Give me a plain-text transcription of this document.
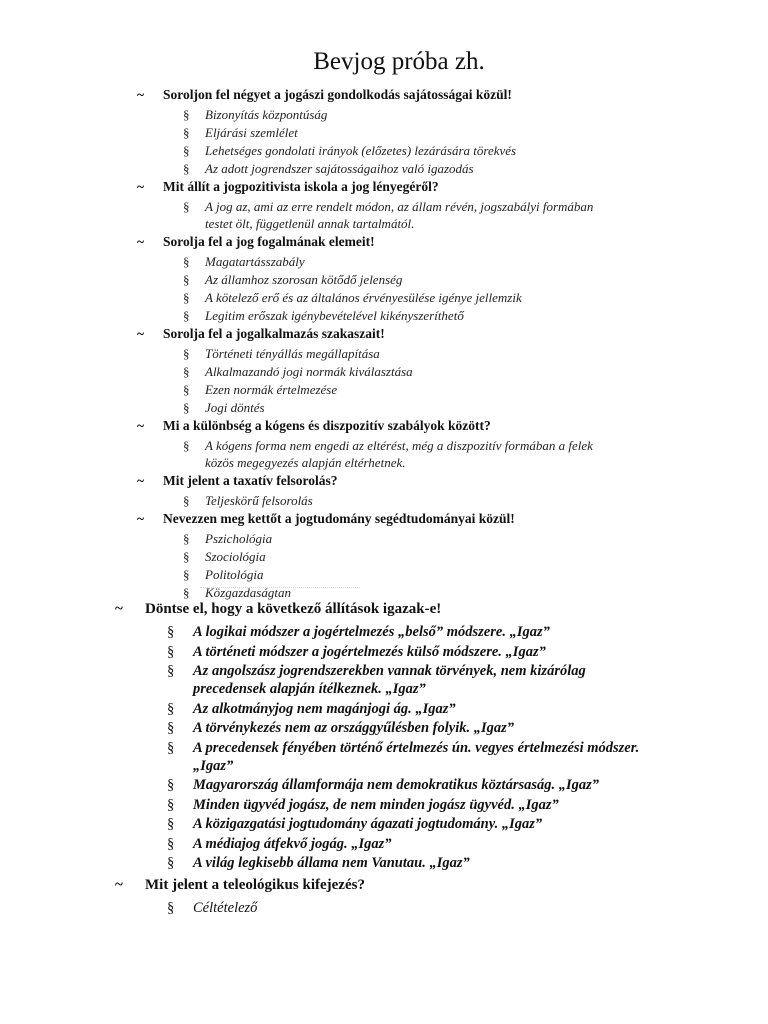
Bevjog próba zh.
~ Soroljon fel négyet a jogászi gondolkodás sajátosságai közül!
§ Bizonyítás központúság
§ Eljárási szemlélet
§ Lehetséges gondolati irányok (előzetes) lezárására törekvés
§ Az adott jogrendszer sajátosságaihoz való igazodás
~ Mit állít a jogpozitivista iskola a jog lényegéről?
§ A jog az, ami az erre rendelt módon, az állam révén, jogszabályi formában
testet ölt, függetlenül annak tartalmától.
~ Sorolja fel a jog fogalmának elemeit!
§ Magatartásszabály
§ Az államhoz szorosan kötődő jelenség
§ A kötelező erő és az általános érvényesülése igénye jellemzik
§ Legitim erőszak igénybevételével kikényszeríthető
~ Sorolja fel a jogalkalmazás szakaszait!
§ Történeti tényállás megállapítása
§ Alkalmazandó jogi normák kiválasztása
§ Ezen normák értelmezése
§ Jogi döntés
~ Mi a különbség a kógens és diszpozitív szabályok között?
§ A kógens forma nem engedi az eltérést, még a diszpozitív formában a felek
közös megegyezés alapján eltérhetnek.
~ Mit jelent a taxatív felsorolás?
§ Teljeskörű felsorolás
~ Nevezzen meg kettőt a jogtudomány segédtudományai közül!
§ Pszichológia
§ Szociológia
§ Politológia
§ Közgazdaságtan
~ Döntse el, hogy a következő állítások igazak-e!
§ A logikai módszer a jogértelmezés „belső” módszere. „Igaz”
§ A történeti módszer a jogértelmezés külső módszere. „Igaz”
§ Az angolszász jogrendszerekben vannak törvények, nem kizárólag
precedensek alapján ítélkeznek. „Igaz”
§ Az alkotmányjog nem magánjogi ág. „Igaz”
§ A törvénykezés nem az országgyűlésben folyik. „Igaz”
§ A precedensek fényében történő értelmezés ún. vegyes értelmezési módszer.
„Igaz”
§ Magyarország államformája nem demokratikus köztársaság. „Igaz”
§ Minden ügyvéd jogász, de nem minden jogász ügyvéd. „Igaz”
§ A közigazgatási jogtudomány ágazati jogtudomány. „Igaz”
§ A médiajog átfekvő jogág. „Igaz”
§ A világ legkisebb állama nem Vanutau. „Igaz”
~ Mit jelent a teleológikus kifejezés?
§ Céltételező
